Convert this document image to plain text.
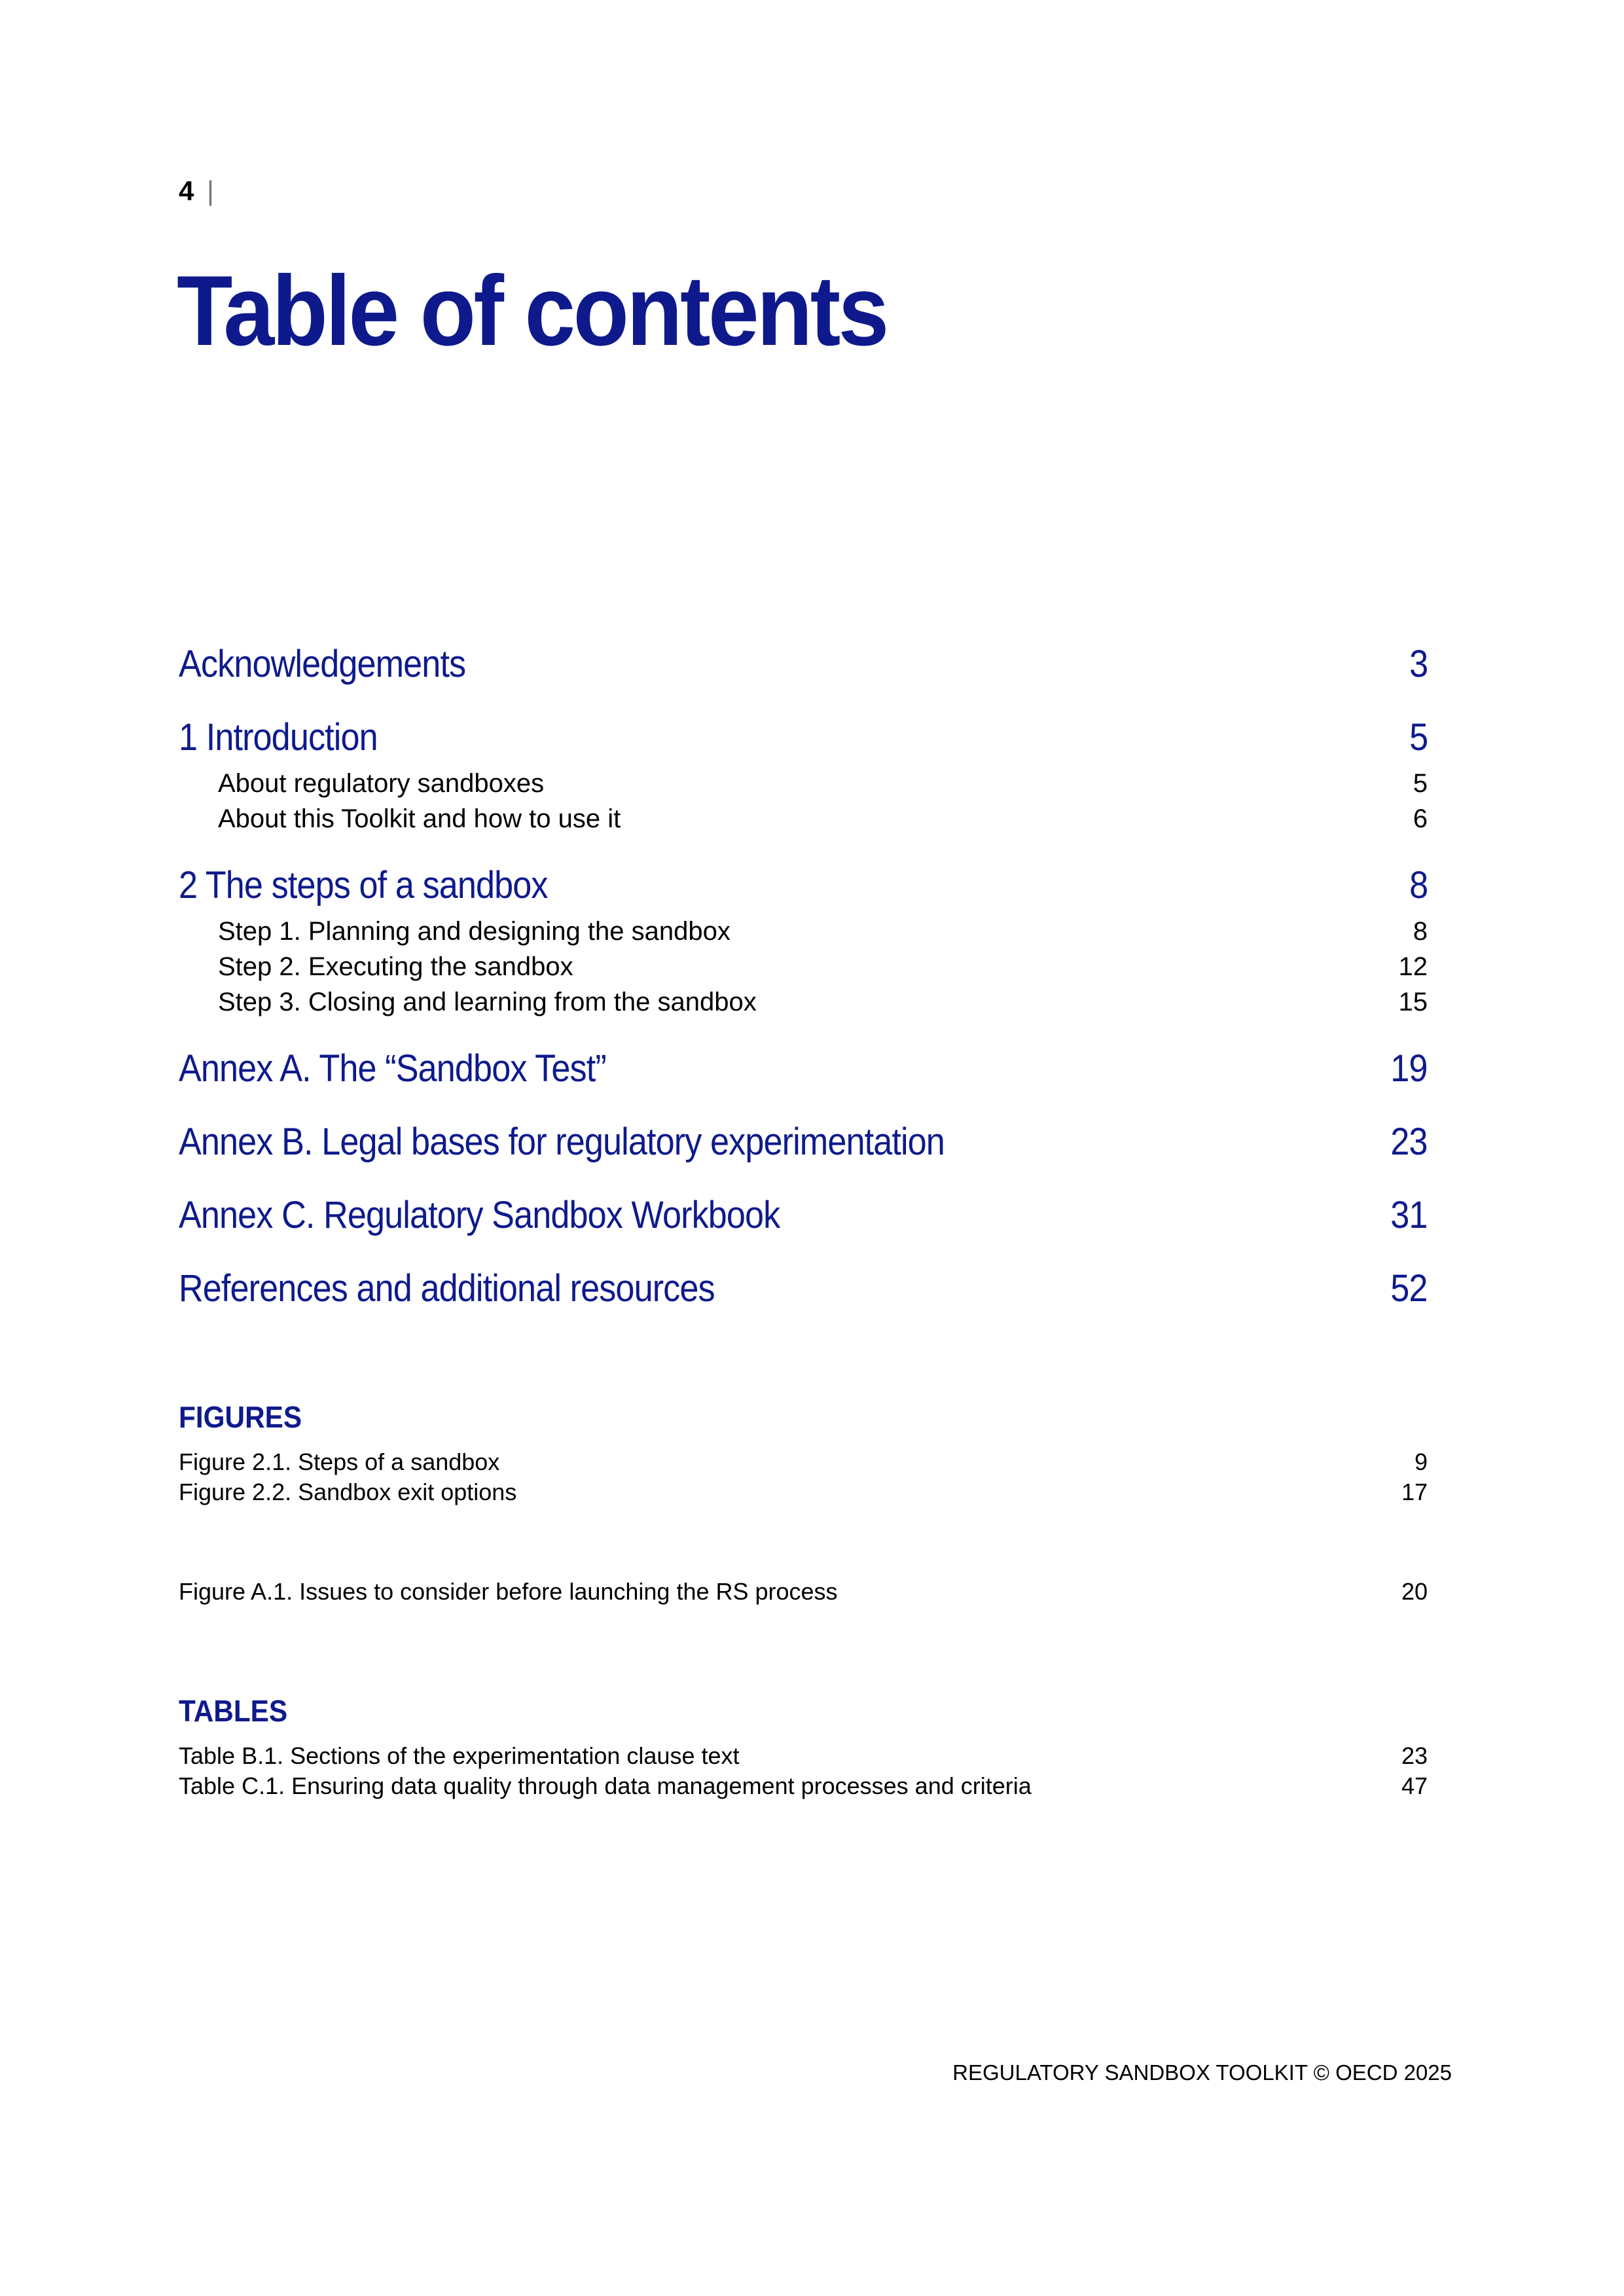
4 |
Table of contents
Acknowledgements	3
1 Introduction	5
About regulatory sandboxes	5
About this Toolkit and how to use it	6
2 The steps of a sandbox	8
Step 1. Planning and designing the sandbox	8
Step 2. Executing the sandbox	12
Step 3. Closing and learning from the sandbox	15
Annex A. The “Sandbox Test”	19
Annex B. Legal bases for regulatory experimentation	23
Annex C. Regulatory Sandbox Workbook	31
References and additional resources	52
FIGURES
Figure 2.1. Steps of a sandbox	9
Figure 2.2. Sandbox exit options	17
Figure A.1. Issues to consider before launching the RS process	20
TABLES
Table B.1. Sections of the experimentation clause text	23
Table C.1. Ensuring data quality through data management processes and criteria	47
REGULATORY SANDBOX TOOLKIT © OECD 2025
